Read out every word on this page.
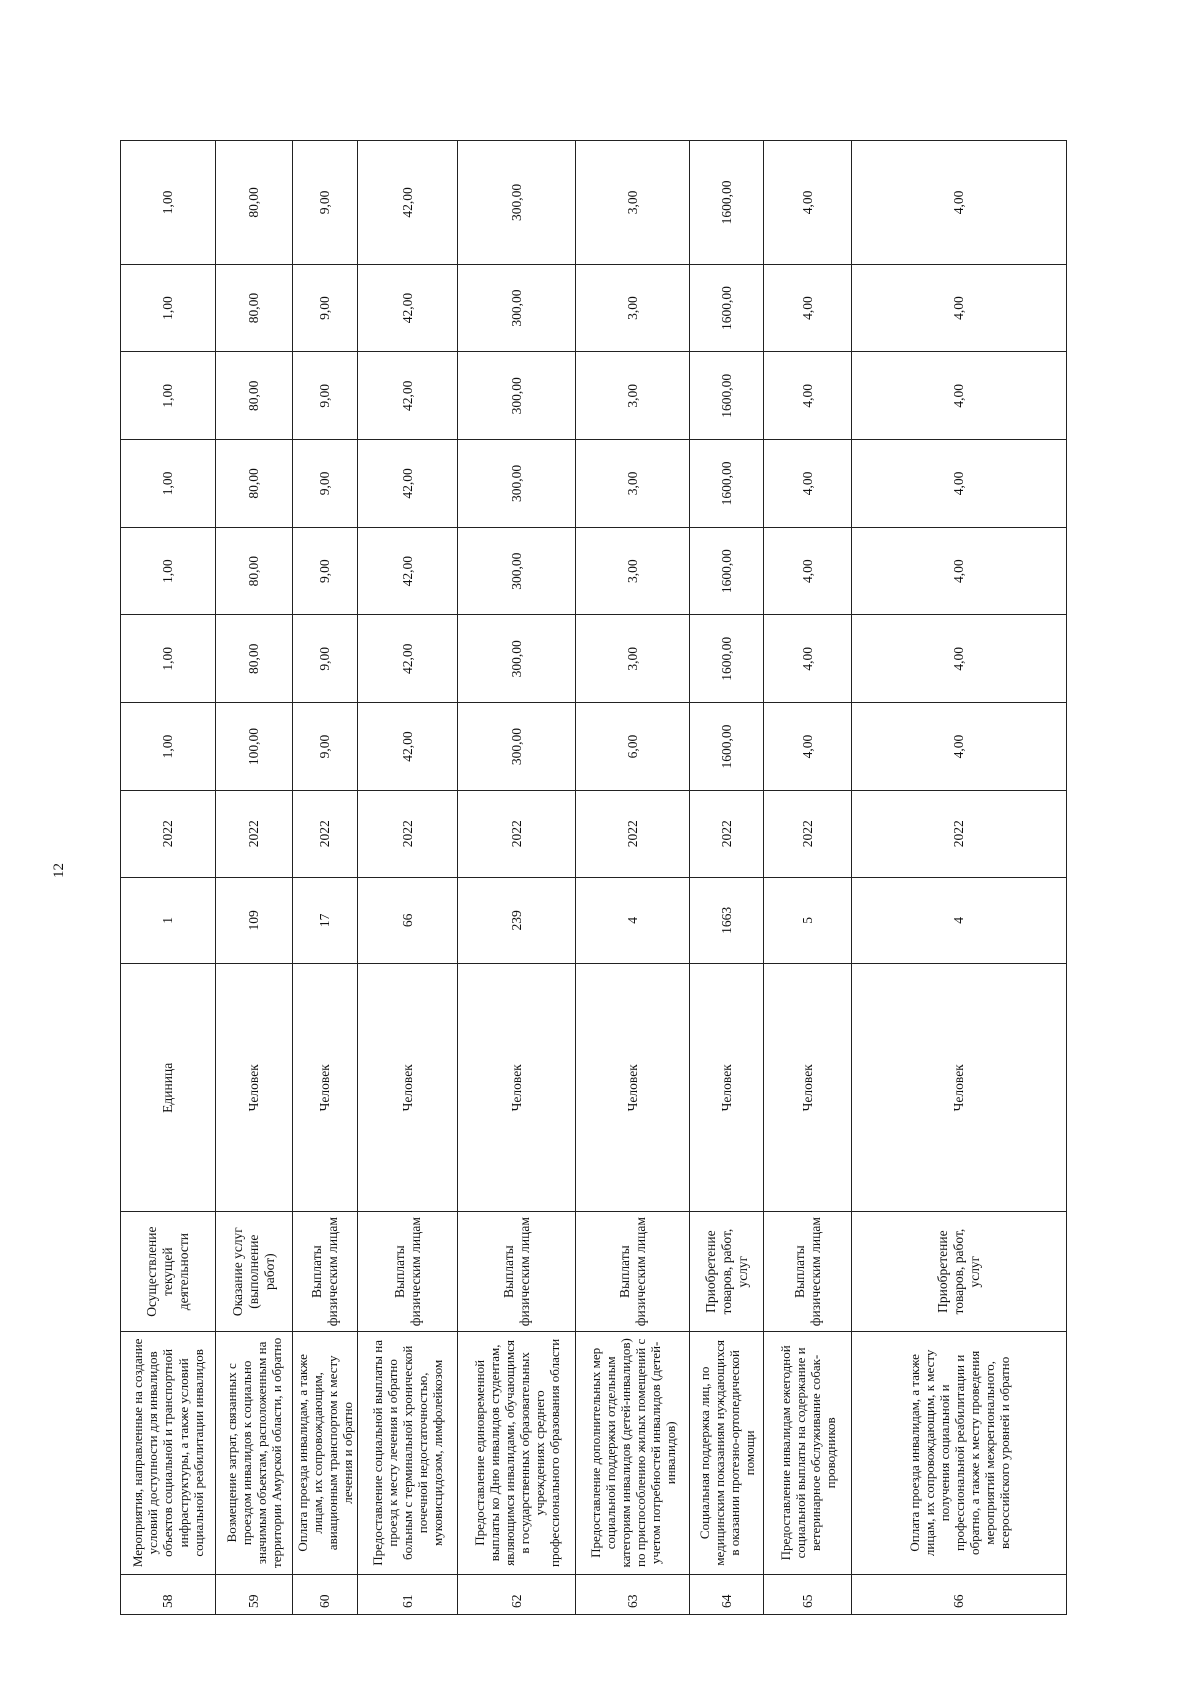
12
58	Мероприятия, направленные на создание условий доступности для инвалидов объектов социальной и транспортной инфраструктуры, а также условий социальной реабилитации инвалидов	Осуществление текущей деятельности	Единица	1	2022	1,00	1,00	1,00	1,00	1,00	1,00	1,00
59	Возмещение затрат, связанных с проездом инвалидов к социально значимым объектам, расположенным на территории Амурской области, и обратно	Оказание услуг (выполнение работ)	Человек	109	2022	100,00	80,00	80,00	80,00	80,00	80,00	80,00
60	Оплата проезда инвалидам, а также лицам, их сопровождающим, авиационным транспортом к месту лечения и обратно	Выплаты физическим лицам	Человек	17	2022	9,00	9,00	9,00	9,00	9,00	9,00	9,00
61	Предоставление социальной выплаты на проезд к месту лечения и обратно больным с терминальной хронической почечной недостаточностью, муковисцидозом, лимфолейкозом	Выплаты физическим лицам	Человек	66	2022	42,00	42,00	42,00	42,00	42,00	42,00	42,00
62	Предоставление единовременной выплаты ко Дню инвалидов студентам, являющимся инвалидами, обучающимся в государственных образовательных учреждениях среднего профессионального образования области	Выплаты физическим лицам	Человек	239	2022	300,00	300,00	300,00	300,00	300,00	300,00	300,00
63	Предоставление дополнительных мер социальной поддержки отдельным категориям инвалидов (детей-инвалидов) по приспособлению жилых помещений с учетом потребностей инвалидов (детей-инвалидов)	Выплаты физическим лицам	Человек	4	2022	6,00	3,00	3,00	3,00	3,00	3,00	3,00
64	Социальная поддержка лиц, по медицинским показаниям нуждающихся в оказании протезно-ортопедической помощи	Приобретение товаров, работ, услуг	Человек	1663	2022	1600,00	1600,00	1600,00	1600,00	1600,00	1600,00	1600,00
65	Предоставление инвалидам ежегодной социальной выплаты на содержание и ветеринарное обслуживание собак-проводников	Выплаты физическим лицам	Человек	5	2022	4,00	4,00	4,00	4,00	4,00	4,00	4,00
66	Оплата проезда инвалидам, а также лицам, их сопровождающим, к месту получения социальной и профессиональной реабилитации и обратно, а также к месту проведения мероприятий межрегионального, всероссийского уровней и обратно	Приобретение товаров, работ, услуг	Человек	4	2022	4,00	4,00	4,00	4,00	4,00	4,00	4,00
